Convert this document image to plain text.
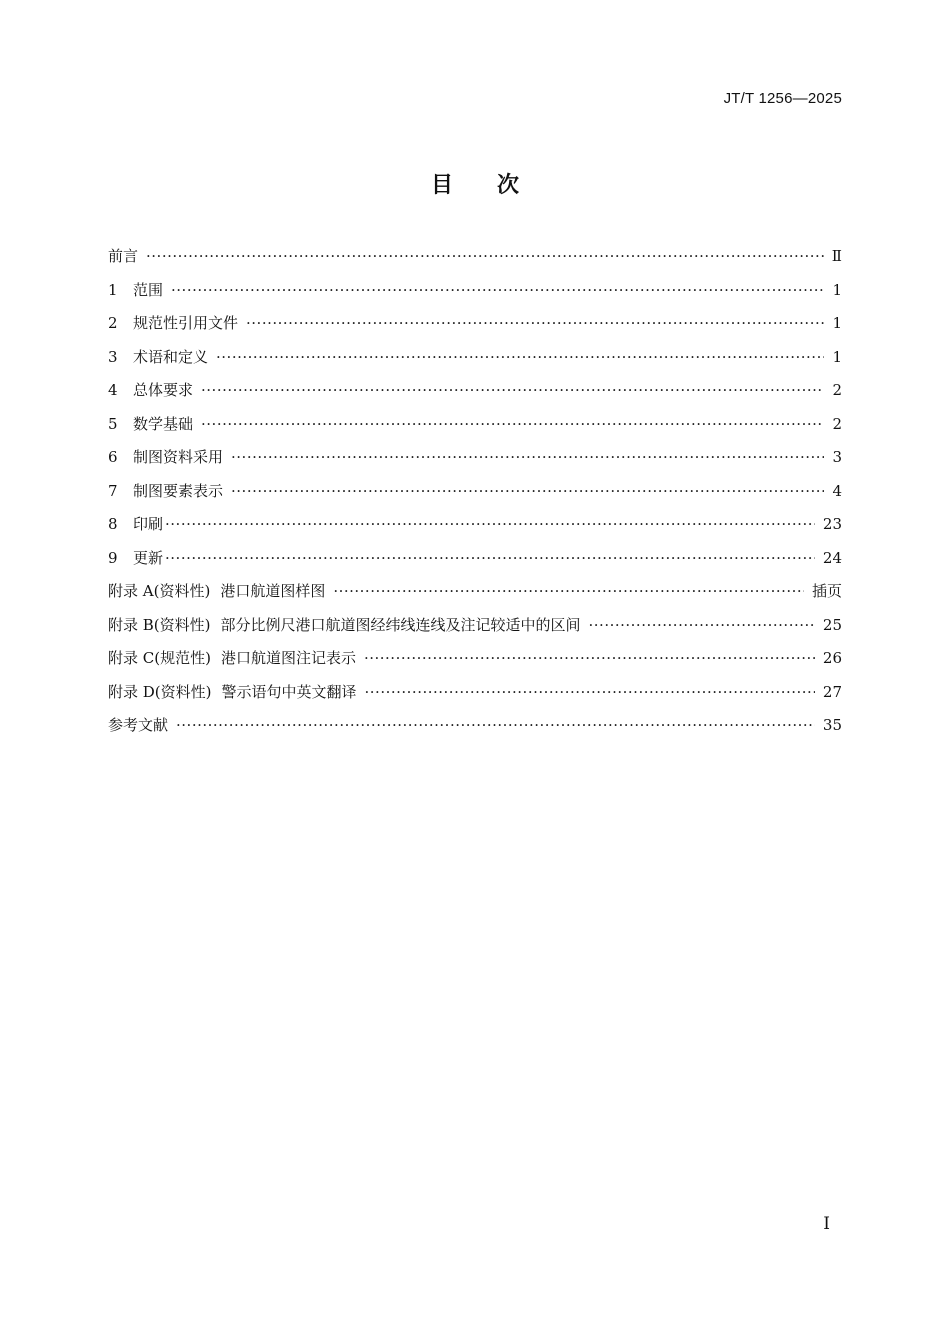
JT/T 1256—2025
目　　次
前言 ·····	Ⅱ
1	范围 ·····	1
2	规范性引用文件 ·····	1
3	术语和定义 ·····	1
4	总体要求 ·····	2
5	数学基础 ·····	2
6	制图资料采用 ·····	3
7	制图要素表示 ·····	4
8	印刷 ·····	23
9	更新 ·····	24
附录 A(资料性) 港口航道图样图 ·····	插页
附录 B(资料性) 部分比例尺港口航道图经纬线连线及注记较适中的区间 ·····	25
附录 C(规范性) 港口航道图注记表示 ·····	26
附录 D(资料性) 警示语句中英文翻译 ·····	27
参考文献 ·····	35
I
